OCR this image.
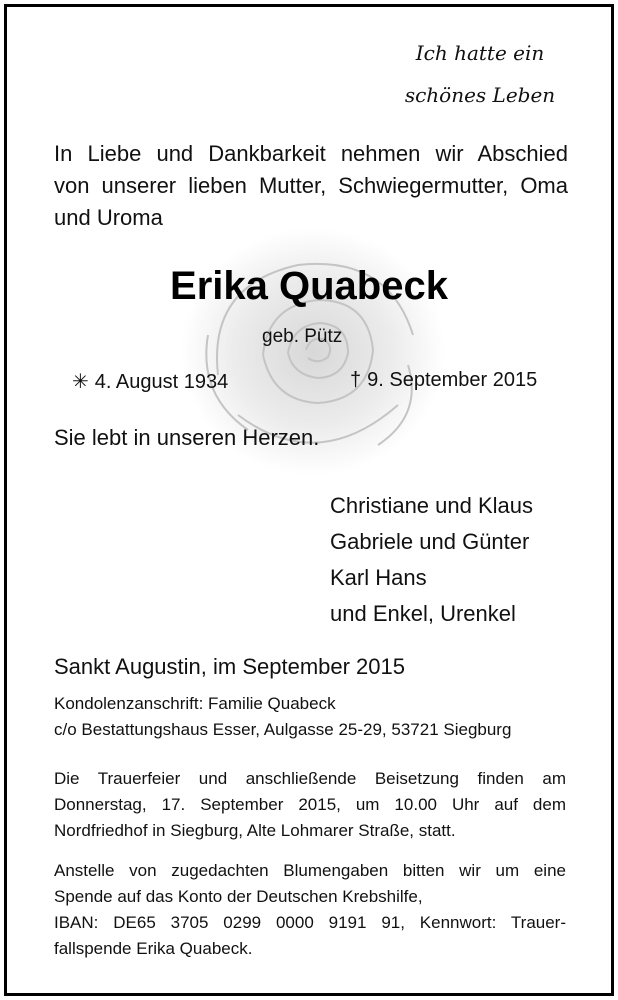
Ich hatte ein
schönes Leben
In Liebe und Dankbarkeit nehmen wir Abschied
von unserer lieben Mutter, Schwiegermutter, Oma
und Uroma
Erika Quabeck
geb. Pütz
✳ 4. August 1934	† 9. September 2015
Sie lebt in unseren Herzen.
Christiane und Klaus
Gabriele und Günter
Karl Hans
und Enkel, Urenkel
Sankt Augustin, im September 2015
Kondolenzanschrift: Familie Quabeck
c/o Bestattungshaus Esser, Aulgasse 25-29, 53721 Siegburg
Die Trauerfeier und anschließende Beisetzung finden am
Donnerstag, 17. September 2015, um 10.00 Uhr auf dem
Nordfriedhof in Siegburg, Alte Lohmarer Straße, statt.
Anstelle von zugedachten Blumengaben bitten wir um eine
Spende auf das Konto der Deutschen Krebshilfe,
IBAN: DE65 3705 0299 0000 9191 91, Kennwort: Trauer-
fallspende Erika Quabeck.
